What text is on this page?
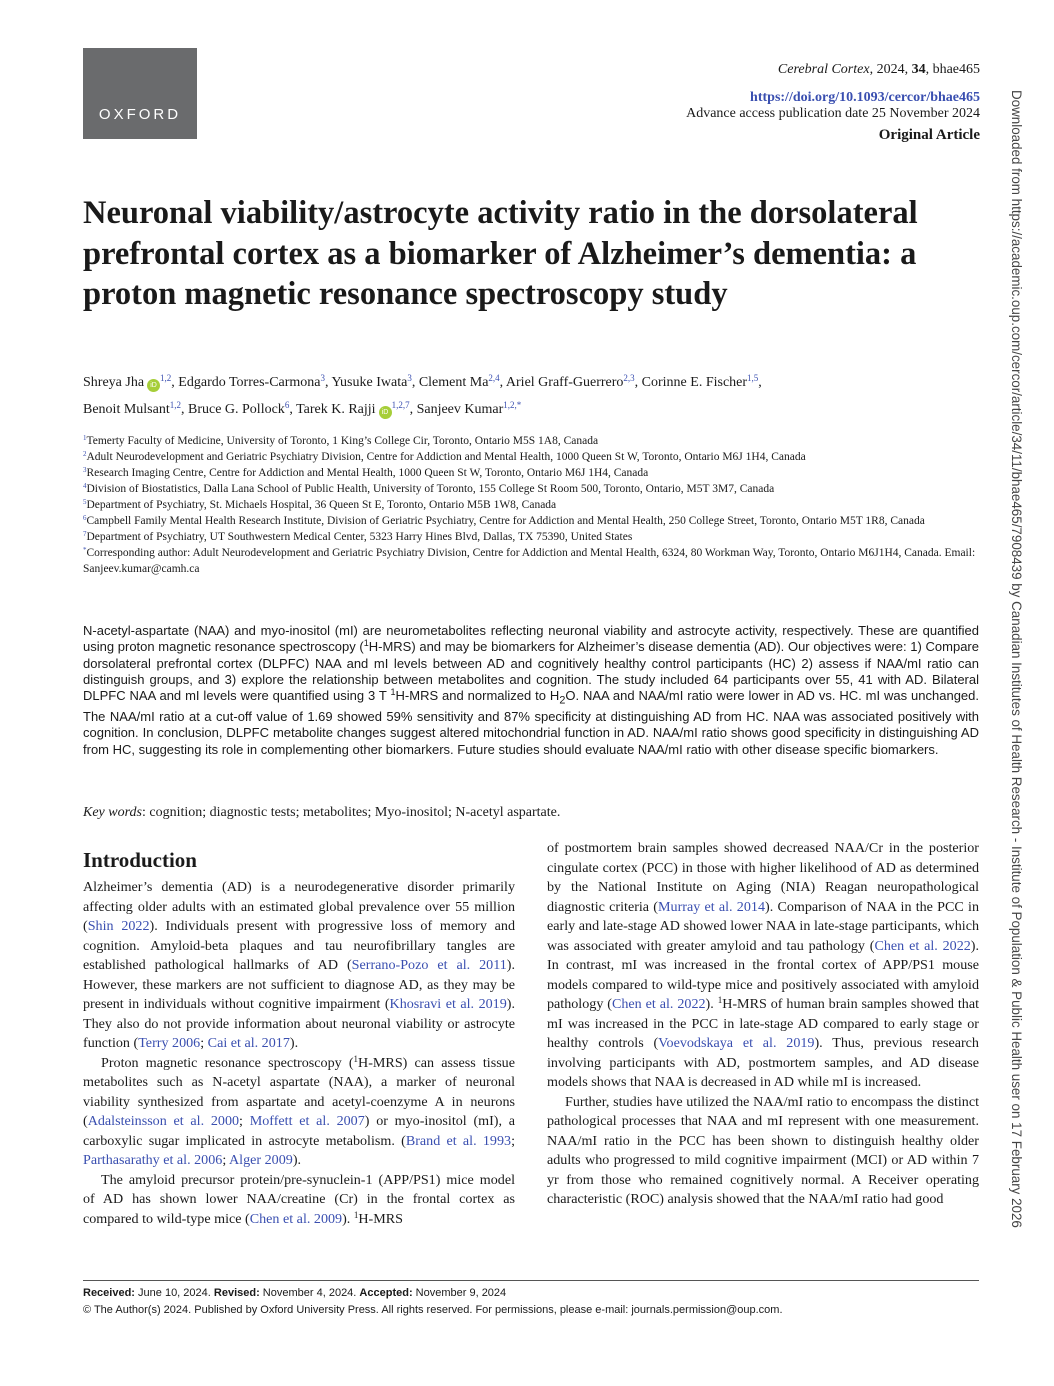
OXFORD
Cerebral Cortex, 2024, 34, bhae465
https://doi.org/10.1093/cercor/bhae465
Advance access publication date 25 November 2024
Original Article
Neuronal viability/astrocyte activity ratio in the dorsolateral prefrontal cortex as a biomarker of Alzheimer’s dementia: a proton magnetic resonance spectroscopy study
Shreya Jha iD$^{1,2}$, Edgardo Torres-Carmona$^3$, Yusuke Iwata$^3$, Clement Ma$^{2,4}$, Ariel Graff-Guerrero$^{2,3}$, Corinne E. Fischer$^{1,5}$,
Benoit Mulsant$^{1,2}$, Bruce G. Pollock$^6$, Tarek K. Rajji iD$^{1,2,7}$, Sanjeev Kumar$^{1,2,*}$
$^1$Temerty Faculty of Medicine, University of Toronto, 1 King’s College Cir, Toronto, Ontario M5S 1A8, Canada
$^2$Adult Neurodevelopment and Geriatric Psychiatry Division, Centre for Addiction and Mental Health, 1000 Queen St W, Toronto, Ontario M6J 1H4, Canada
$^3$Research Imaging Centre, Centre for Addiction and Mental Health, 1000 Queen St W, Toronto, Ontario M6J 1H4, Canada
$^4$Division of Biostatistics, Dalla Lana School of Public Health, University of Toronto, 155 College St Room 500, Toronto, Ontario, M5T 3M7, Canada
$^5$Department of Psychiatry, St. Michaels Hospital, 36 Queen St E, Toronto, Ontario M5B 1W8, Canada
$^6$Campbell Family Mental Health Research Institute, Division of Geriatric Psychiatry, Centre for Addiction and Mental Health, 250 College Street, Toronto, Ontario M5T 1R8, Canada
$^7$Department of Psychiatry, UT Southwestern Medical Center, 5323 Harry Hines Blvd, Dallas, TX 75390, United States
*Corresponding author: Adult Neurodevelopment and Geriatric Psychiatry Division, Centre for Addiction and Mental Health, 6324, 80 Workman Way, Toronto, Ontario M6J1H4, Canada. Email: Sanjeev.kumar@camh.ca
N-acetyl-aspartate (NAA) and myo-inositol (mI) are neurometabolites reflecting neuronal viability and astrocyte activity, respectively. These are quantified using proton magnetic resonance spectroscopy ($^1$H-MRS) and may be biomarkers for Alzheimer’s disease dementia (AD). Our objectives were: 1) Compare dorsolateral prefrontal cortex (DLPFC) NAA and mI levels between AD and cognitively healthy control participants (HC) 2) assess if NAA/mI ratio can distinguish groups, and 3) explore the relationship between metabolites and cognition. The study included 64 participants over 55, 41 with AD. Bilateral DLPFC NAA and mI levels were quantified using 3 T $^1$H-MRS and normalized to $H_2O$. NAA and NAA/mI ratio were lower in AD vs. HC. mI was unchanged. The NAA/mI ratio at a cut-off value of 1.69 showed 59% sensitivity and 87% specificity at distinguishing AD from HC. NAA was associated positively with cognition. In conclusion, DLPFC metabolite changes suggest altered mitochondrial function in AD. NAA/mI ratio shows good specificity in distinguishing AD from HC, suggesting its role in complementing other biomarkers. Future studies should evaluate NAA/mI ratio with other disease specific biomarkers.
Key words: cognition; diagnostic tests; metabolites; Myo-inositol; N-acetyl aspartate.
Introduction

Alzheimer’s dementia (AD) is a neurodegenerative disorder primarily affecting older adults with an estimated global prevalence over 55 million (Shin 2022). Individuals present with progressive loss of memory and cognition. Amyloid-beta plaques and tau neurofibrillary tangles are established pathological hallmarks of AD (Serrano-Pozo et al. 2011). However, these markers are not sufficient to diagnose AD, as they may be present in individuals without cognitive impairment (Khosravi et al. 2019). They also do not provide information about neuronal viability or astrocyte function (Terry 2006; Cai et al. 2017).

Proton magnetic resonance spectroscopy ($^1$H-MRS) can assess tissue metabolites such as N-acetyl aspartate (NAA), a marker of neuronal viability synthesized from aspartate and acetyl-coenzyme A in neurons (Adalsteinsson et al. 2000; Moffett et al. 2007) or myo-inositol (mI), a carboxylic sugar implicated in astrocyte metabolism. (Brand et al. 1993; Parthasarathy et al. 2006; Alger 2009).

The amyloid precursor protein/pre-synuclein-1 (APP/PS1) mice model of AD has shown lower NAA/creatine (Cr) in the frontal cortex as compared to wild-type mice (Chen et al. 2009). $^1$H-MRS

of postmortem brain samples showed decreased NAA/Cr in the posterior cingulate cortex (PCC) in those with higher likelihood of AD as determined by the National Institute on Aging (NIA) Reagan neuropathological diagnostic criteria (Murray et al. 2014). Comparison of NAA in the PCC in early and late-stage AD showed lower NAA in late-stage participants, which was associated with greater amyloid and tau pathology (Chen et al. 2022). In contrast, mI was increased in the frontal cortex of APP/PS1 mouse models compared to wild-type mice and positively associated with amyloid pathology (Chen et al. 2022). $^1$H-MRS of human brain samples showed that mI was increased in the PCC in late-stage AD compared to early stage or healthy controls (Voevodskaya et al. 2019). Thus, previous research involving participants with AD, postmortem samples, and AD disease models shows that NAA is decreased in AD while mI is increased.

Further, studies have utilized the NAA/mI ratio to encompass the distinct pathological processes that NAA and mI represent with one measurement. NAA/mI ratio in the PCC has been shown to distinguish healthy older adults who progressed to mild cognitive impairment (MCI) or AD within 7 yr from those who remained cognitively normal. A Receiver operating characteristic (ROC) analysis showed that the NAA/mI ratio had good

Received: June 10, 2024. Revised: November 4, 2024. Accepted: November 9, 2024
© The Author(s) 2024. Published by Oxford University Press. All rights reserved. For permissions, please e-mail: journals.permission@oup.com.
Downloaded from https://academic.oup.com/cercor/article/34/11/bhae465/7908439 by Canadian Institutes of Health Research - Institute of Population & Public Health user on 17 February 2026
